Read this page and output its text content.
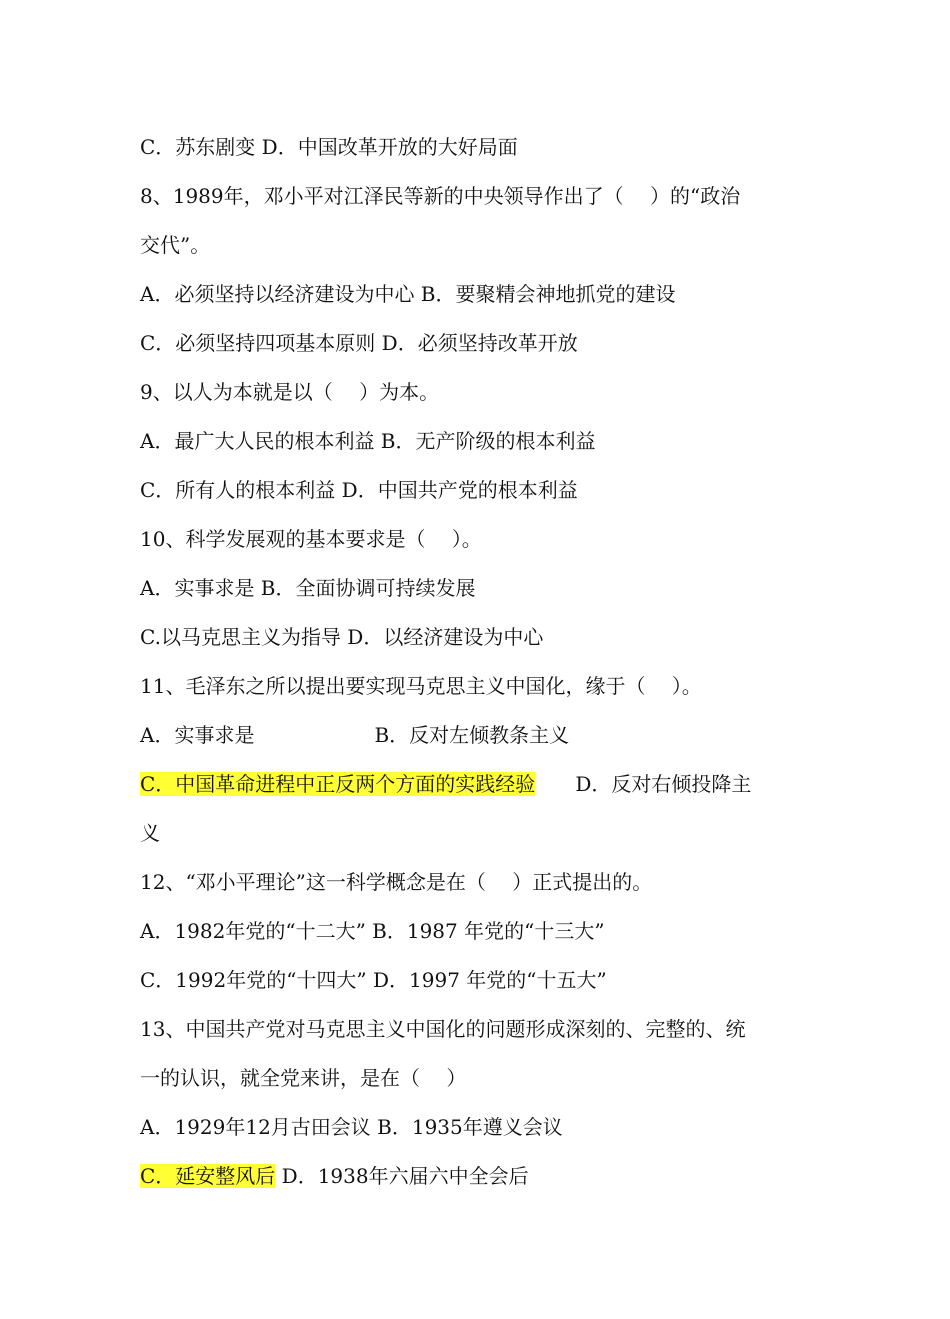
C．苏东剧变 D．中国改革开放的大好局面
8、1989年，邓小平对江泽民等新的中央领导作出了（　 ）的“政治
交代”。
A．必须坚持以经济建设为中心 B．要聚精会神地抓党的建设
C．必须坚持四项基本原则 D．必须坚持改革开放
9、以人为本就是以（　 ）为本。
A．最广大人民的根本利益 B．无产阶级的根本利益
C．所有人的根本利益 D．中国共产党的根本利益
10、科学发展观的基本要求是（　 ）。
A．实事求是 B．全面协调可持续发展
C.以马克思主义为指导 D．以经济建设为中心
11、毛泽东之所以提出要实现马克思主义中国化，缘于（　 ）。
A．实事求是	B．反对左倾教条主义
C．中国革命进程中正反两个方面的实践经验 D．反对右倾投降主
义
12、“邓小平理论”这一科学概念是在（　 ）正式提出的。
A．1982年党的“十二大” B．1987 年党的“十三大”
C．1992年党的“十四大” D．1997 年党的“十五大”
13、中国共产党对马克思主义中国化的问题形成深刻的、完整的、统
一的认识，就全党来讲，是在（　 ）
A．1929年12月古田会议 B．1935年遵义会议
C．延安整风后 D．1938年六届六中全会后
